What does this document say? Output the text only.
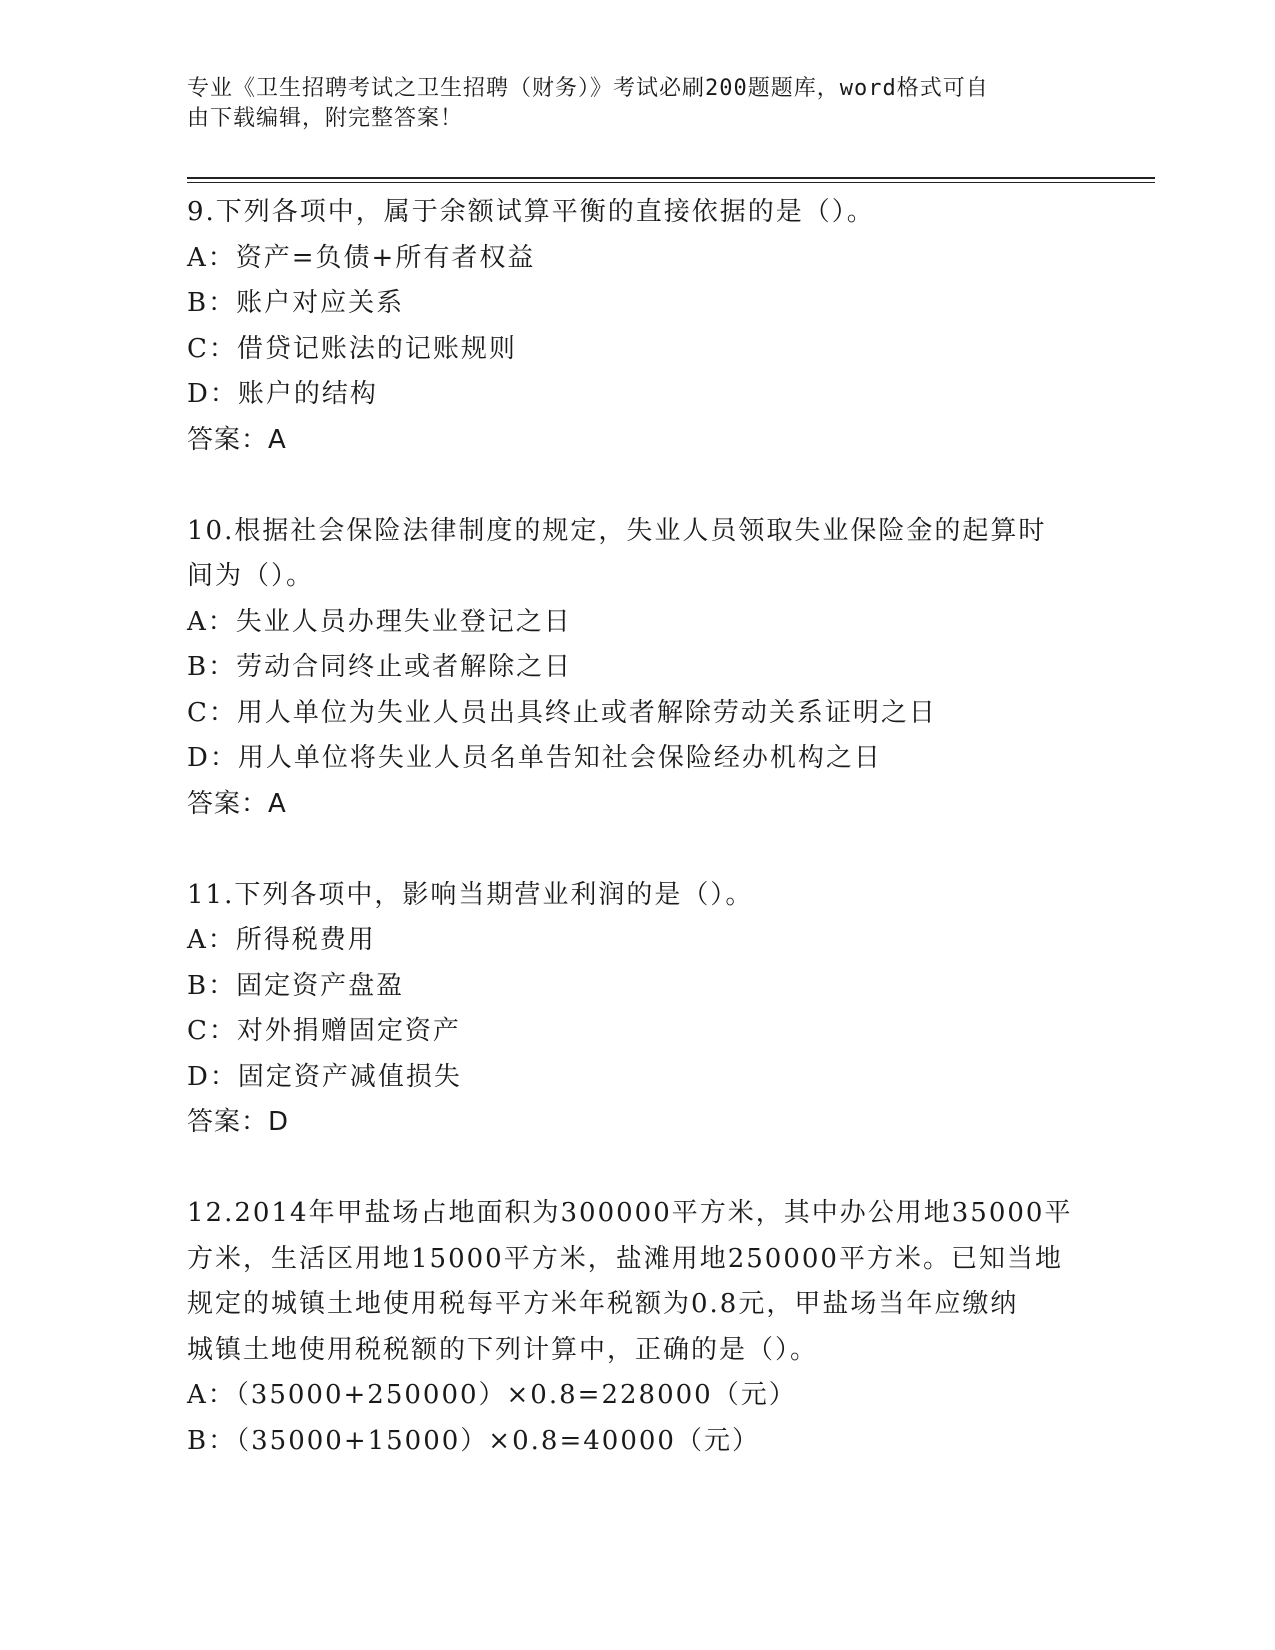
专业《卫生招聘考试之卫生招聘（财务）》考试必刷200题题库，word格式可自
由下载编辑，附完整答案！
9.下列各项中，属于余额试算平衡的直接依据的是（）。
A：资产=负债+所有者权益
B：账户对应关系
C：借贷记账法的记账规则
D：账户的结构
答案：A
10.根据社会保险法律制度的规定，失业人员领取失业保险金的起算时
间为（）。
A：失业人员办理失业登记之日
B：劳动合同终止或者解除之日
C：用人单位为失业人员出具终止或者解除劳动关系证明之日
D：用人单位将失业人员名单告知社会保险经办机构之日
答案：A
11.下列各项中，影响当期营业利润的是（）。
A：所得税费用
B：固定资产盘盈
C：对外捐赠固定资产
D：固定资产减值损失
答案：D
12.2014年甲盐场占地面积为300000平方米，其中办公用地35000平
方米，生活区用地15000平方米，盐滩用地250000平方米。已知当地
规定的城镇土地使用税每平方米年税额为0.8元，甲盐场当年应缴纳
城镇土地使用税税额的下列计算中，正确的是（）。
A：（35000+250000）×0.8=228000（元）
B：（35000+15000）×0.8=40000（元）
